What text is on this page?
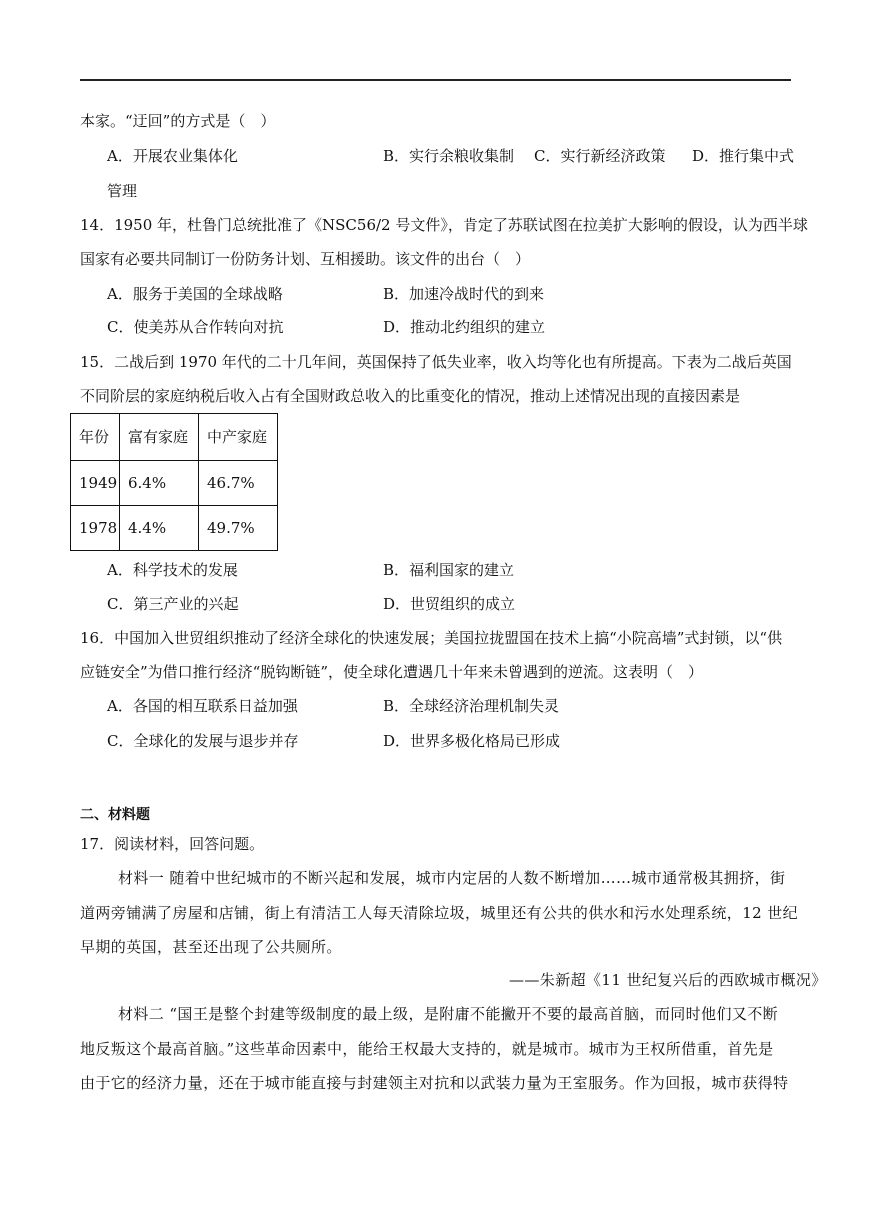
本家。“迂回”的方式是（　）
A．开展农业集体化	B．实行余粮收集制 C．实行新经济政策 D．推行集中式
管理
14．1950 年，杜鲁门总统批准了《NSC56/2 号文件》，肯定了苏联试图在拉美扩大影响的假设，认为西半球
国家有必要共同制订一份防务计划、互相援助。该文件的出台（　）
A．服务于美国的全球战略	B．加速冷战时代的到来
C．使美苏从合作转向对抗	D．推动北约组织的建立
15．二战后到 1970 年代的二十几年间，英国保持了低失业率，收入均等化也有所提高。下表为二战后英国
不同阶层的家庭纳税后收入占有全国财政总收入的比重变化的情况，推动上述情况出现的直接因素是
年份	富有家庭	中产家庭
1949	6.4%	46.7%
1978	4.4%	49.7%
A．科学技术的发展	B．福利国家的建立
C．第三产业的兴起	D．世贸组织的成立
16．中国加入世贸组织推动了经济全球化的快速发展；美国拉拢盟国在技术上搞“小院高墙”式封锁，以“供
应链安全”为借口推行经济“脱钩断链”，使全球化遭遇几十年来未曾遇到的逆流。这表明（　）
A．各国的相互联系日益加强	B．全球经济治理机制失灵
C．全球化的发展与退步并存	D．世界多极化格局已形成
二、材料题
17．阅读材料，回答问题。
材料一 随着中世纪城市的不断兴起和发展，城市内定居的人数不断增加……城市通常极其拥挤，街
道两旁铺满了房屋和店铺，街上有清洁工人每天清除垃圾，城里还有公共的供水和污水处理系统，12 世纪
早期的英国，甚至还出现了公共厕所。
——朱新超《11 世纪复兴后的西欧城市概况》
材料二 “国王是整个封建等级制度的最上级，是附庸不能撇开不要的最高首脑，而同时他们又不断
地反叛这个最高首脑。”这些革命因素中，能给王权最大支持的，就是城市。城市为王权所借重，首先是
由于它的经济力量，还在于城市能直接与封建领主对抗和以武装力量为王室服务。作为回报，城市获得特
